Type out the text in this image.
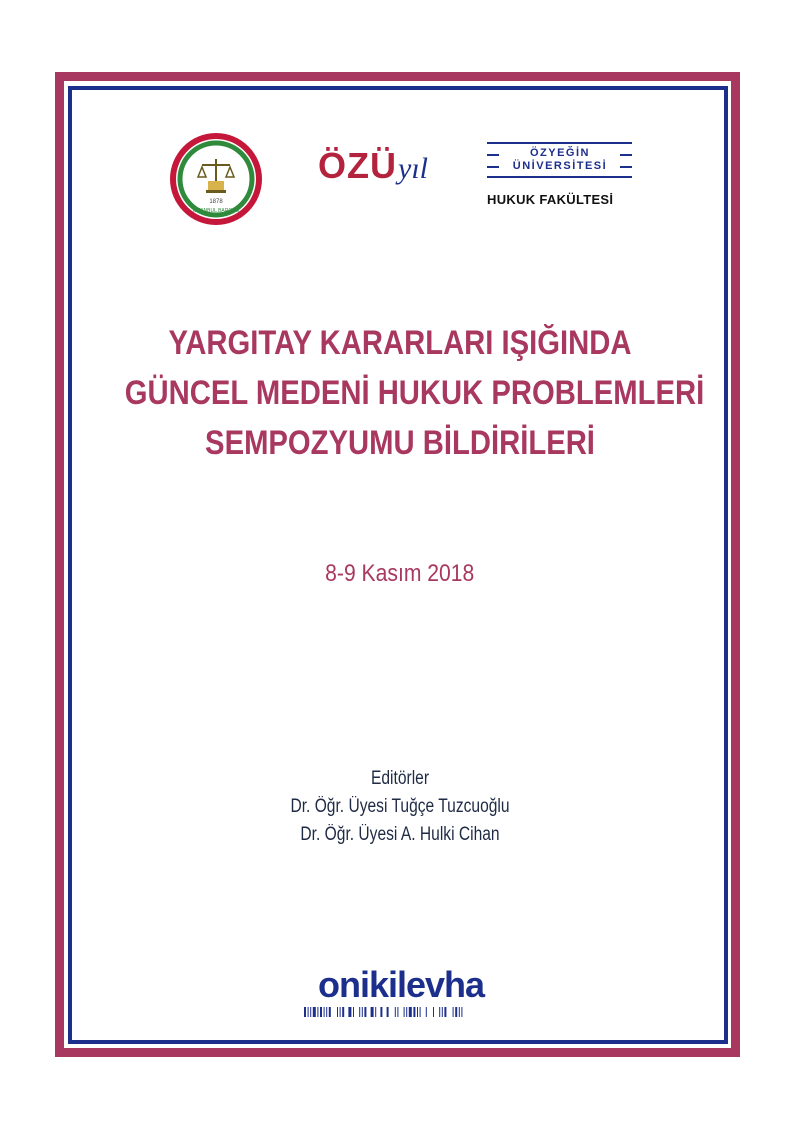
1878
İSTANBUL BAROSU
ÖZÜyıl	ÖZYEĞİN
ÜNİVERSİTESİ
HUKUK FAKÜLTESİ
YARGITAY KARARLARI IŞIĞINDA
GÜNCEL MEDENİ HUKUK PROBLEMLERİ
SEMPOZYUMU BİLDİRİLERİ
8-9 Kasım 2018
Editörler
Dr. Öğr. Üyesi Tuğçe Tuzcuoğlu
Dr. Öğr. Üyesi A. Hulki Cihan
onikilevha
